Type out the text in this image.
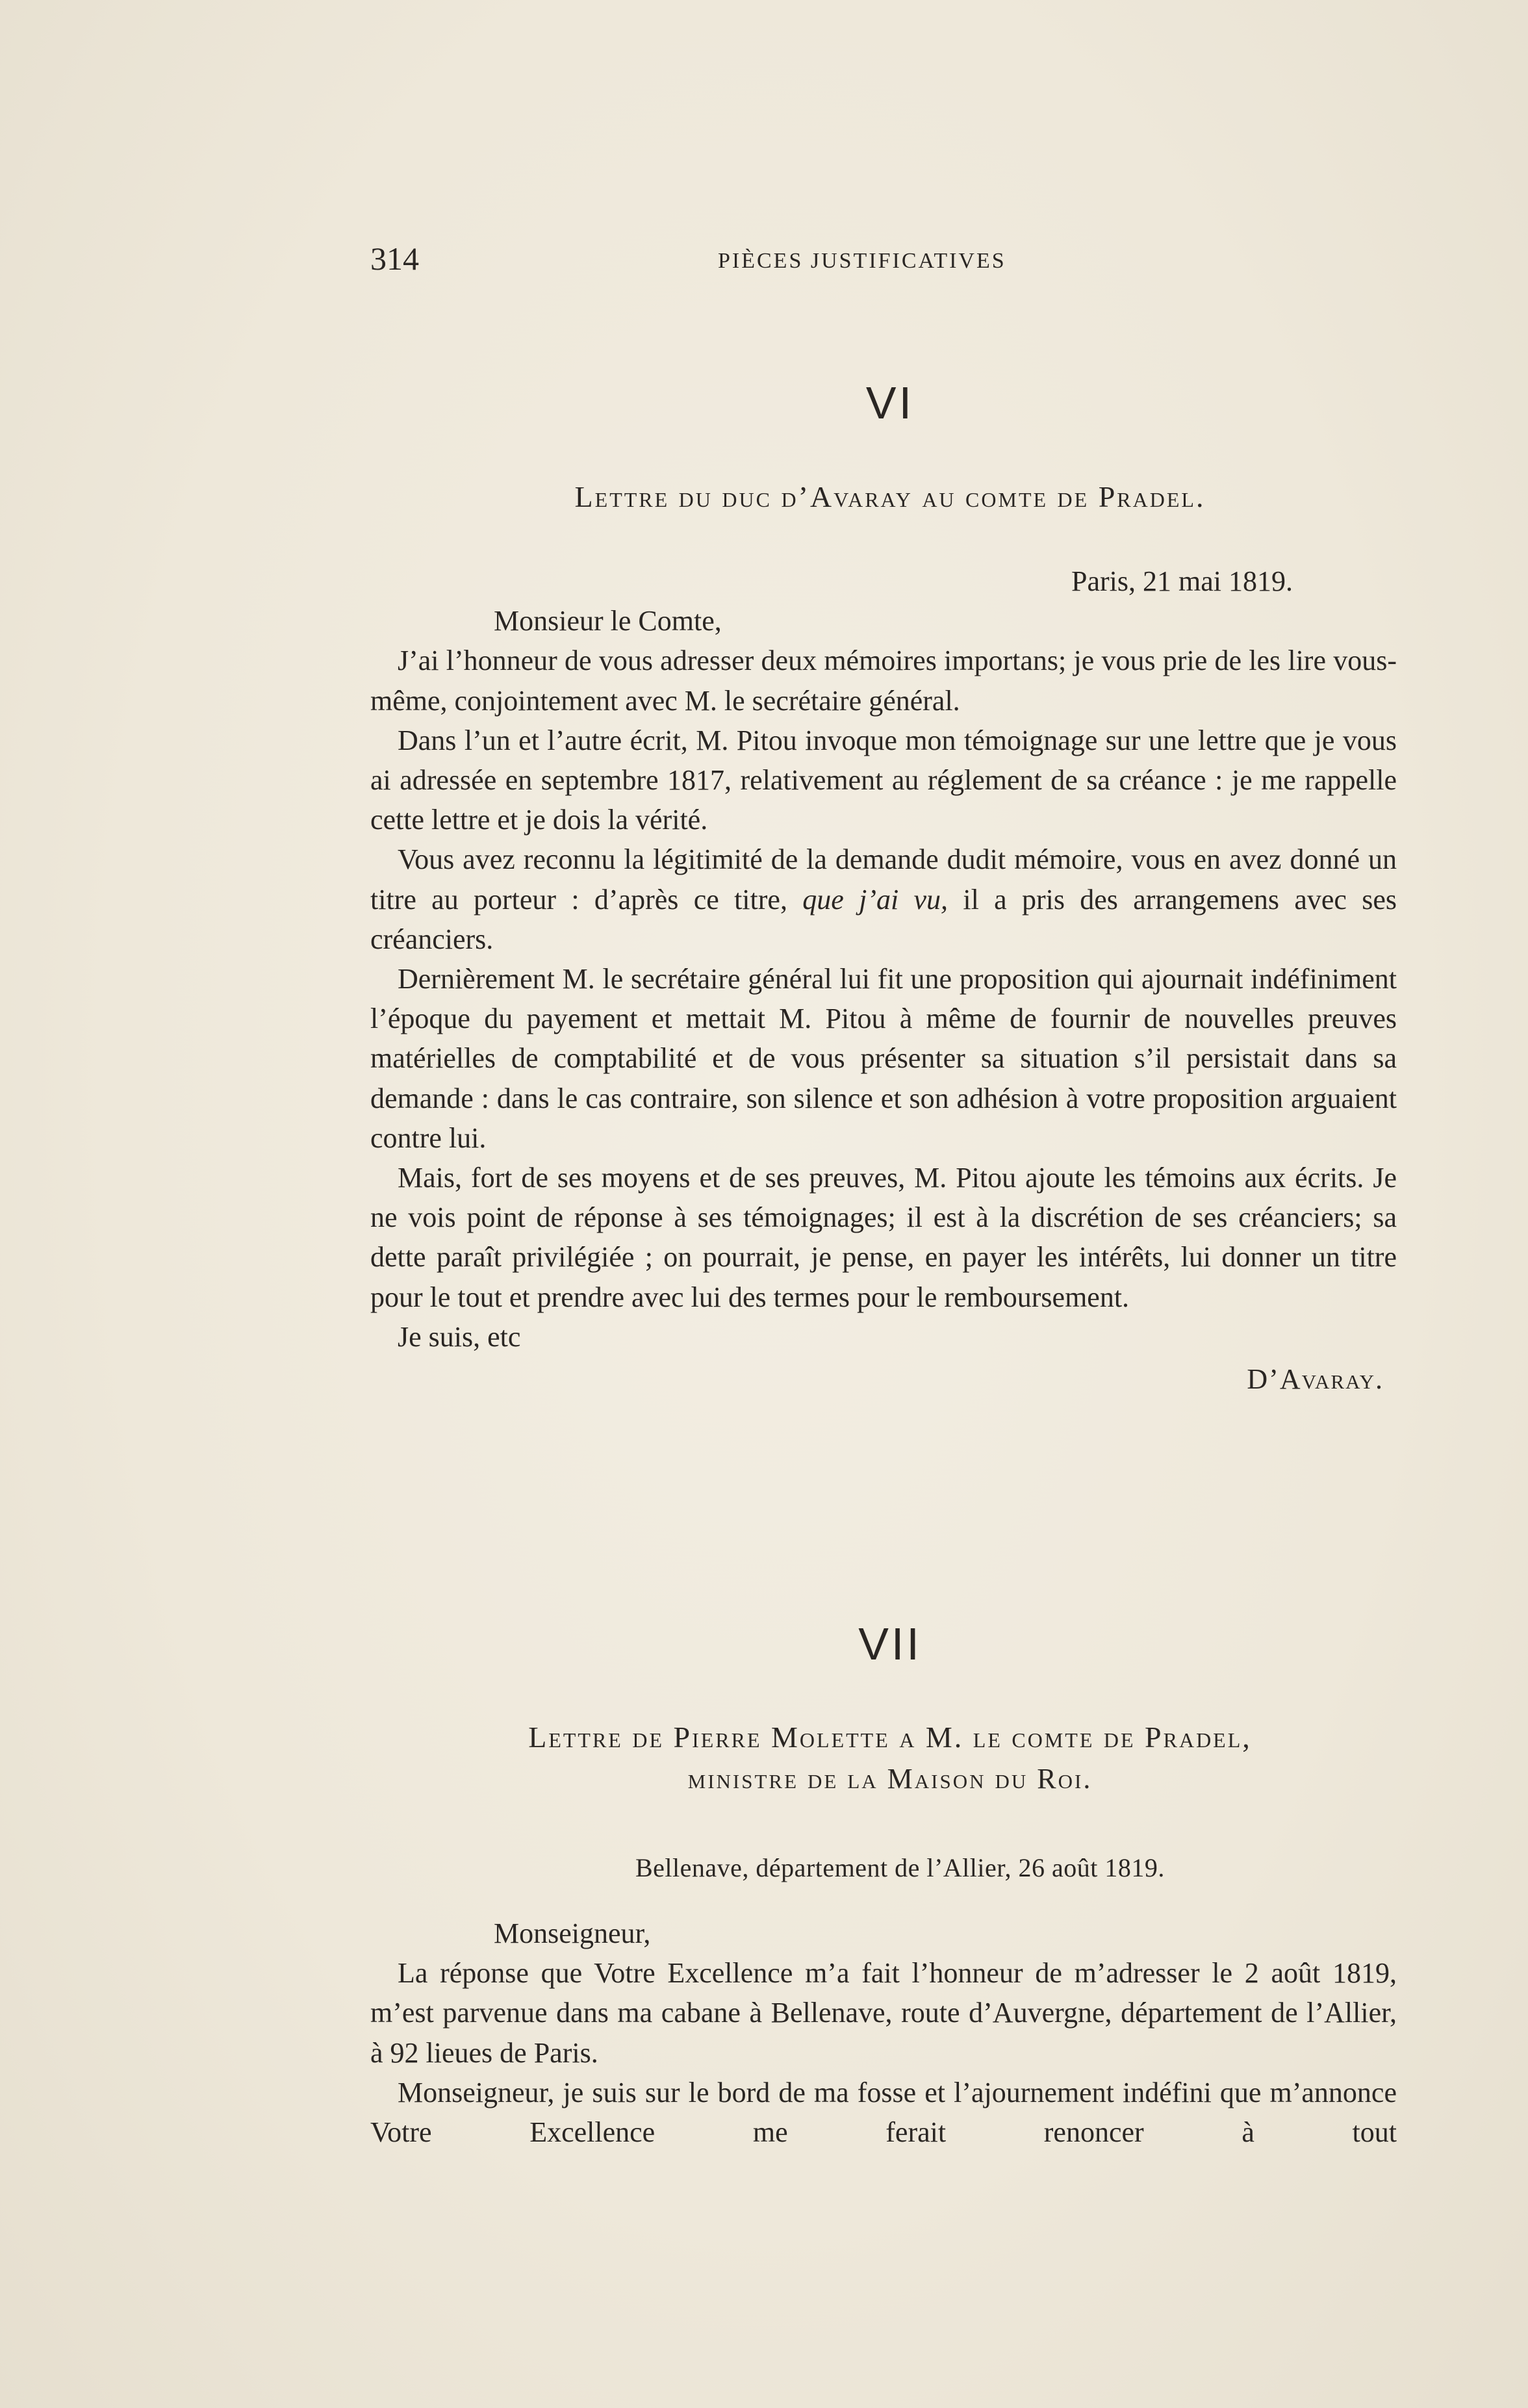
314	PIÈCES JUSTIFICATIVES
VI
Lettre du duc d’Avaray au comte de Pradel.

Paris, 21 mai 1819.

Monsieur le Comte,

J’ai l’honneur de vous adresser deux mémoires importans; je vous prie de les lire vous-même, conjointement avec M. le secrétaire général.

Dans l’un et l’autre écrit, M. Pitou invoque mon témoignage sur une lettre que je vous ai adressée en septembre 1817, relativement au réglement de sa créance : je me rappelle cette lettre et je dois la vérité.

Vous avez reconnu la légitimité de la demande dudit mémoire, vous en avez donné un titre au porteur : d’après ce titre, que j’ai vu, il a pris des arrangemens avec ses créanciers.

Dernièrement M. le secrétaire général lui fit une proposition qui ajournait indéfiniment l’époque du payement et mettait M. Pitou à même de fournir de nouvelles preuves matérielles de comptabilité et de vous présenter sa situation s’il persistait dans sa demande : dans le cas contraire, son silence et son adhésion à votre proposition arguaient contre lui.

Mais, fort de ses moyens et de ses preuves, M. Pitou ajoute les témoins aux écrits. Je ne vois point de réponse à ses témoignages; il est à la discrétion de ses créanciers; sa dette paraît privilégiée ; on pourrait, je pense, en payer les intérêts, lui donner un titre pour le tout et prendre avec lui des termes pour le remboursement.

Je suis, etc

D’Avaray.

VII
Lettre de Pierre Molette a M. le comte de Pradel,
ministre de la Maison du Roi.
Bellenave, département de l’Allier, 26 août 1819.

Monseigneur,

La réponse que Votre Excellence m’a fait l’honneur de m’adresser le 2 août 1819, m’est parvenue dans ma cabane à Bellenave, route d’Auvergne, département de l’Allier, à 92 lieues de Paris.

Monseigneur, je suis sur le bord de ma fosse et l’ajournement indéfini que m’annonce Votre Excellence me ferait renoncer à tout
